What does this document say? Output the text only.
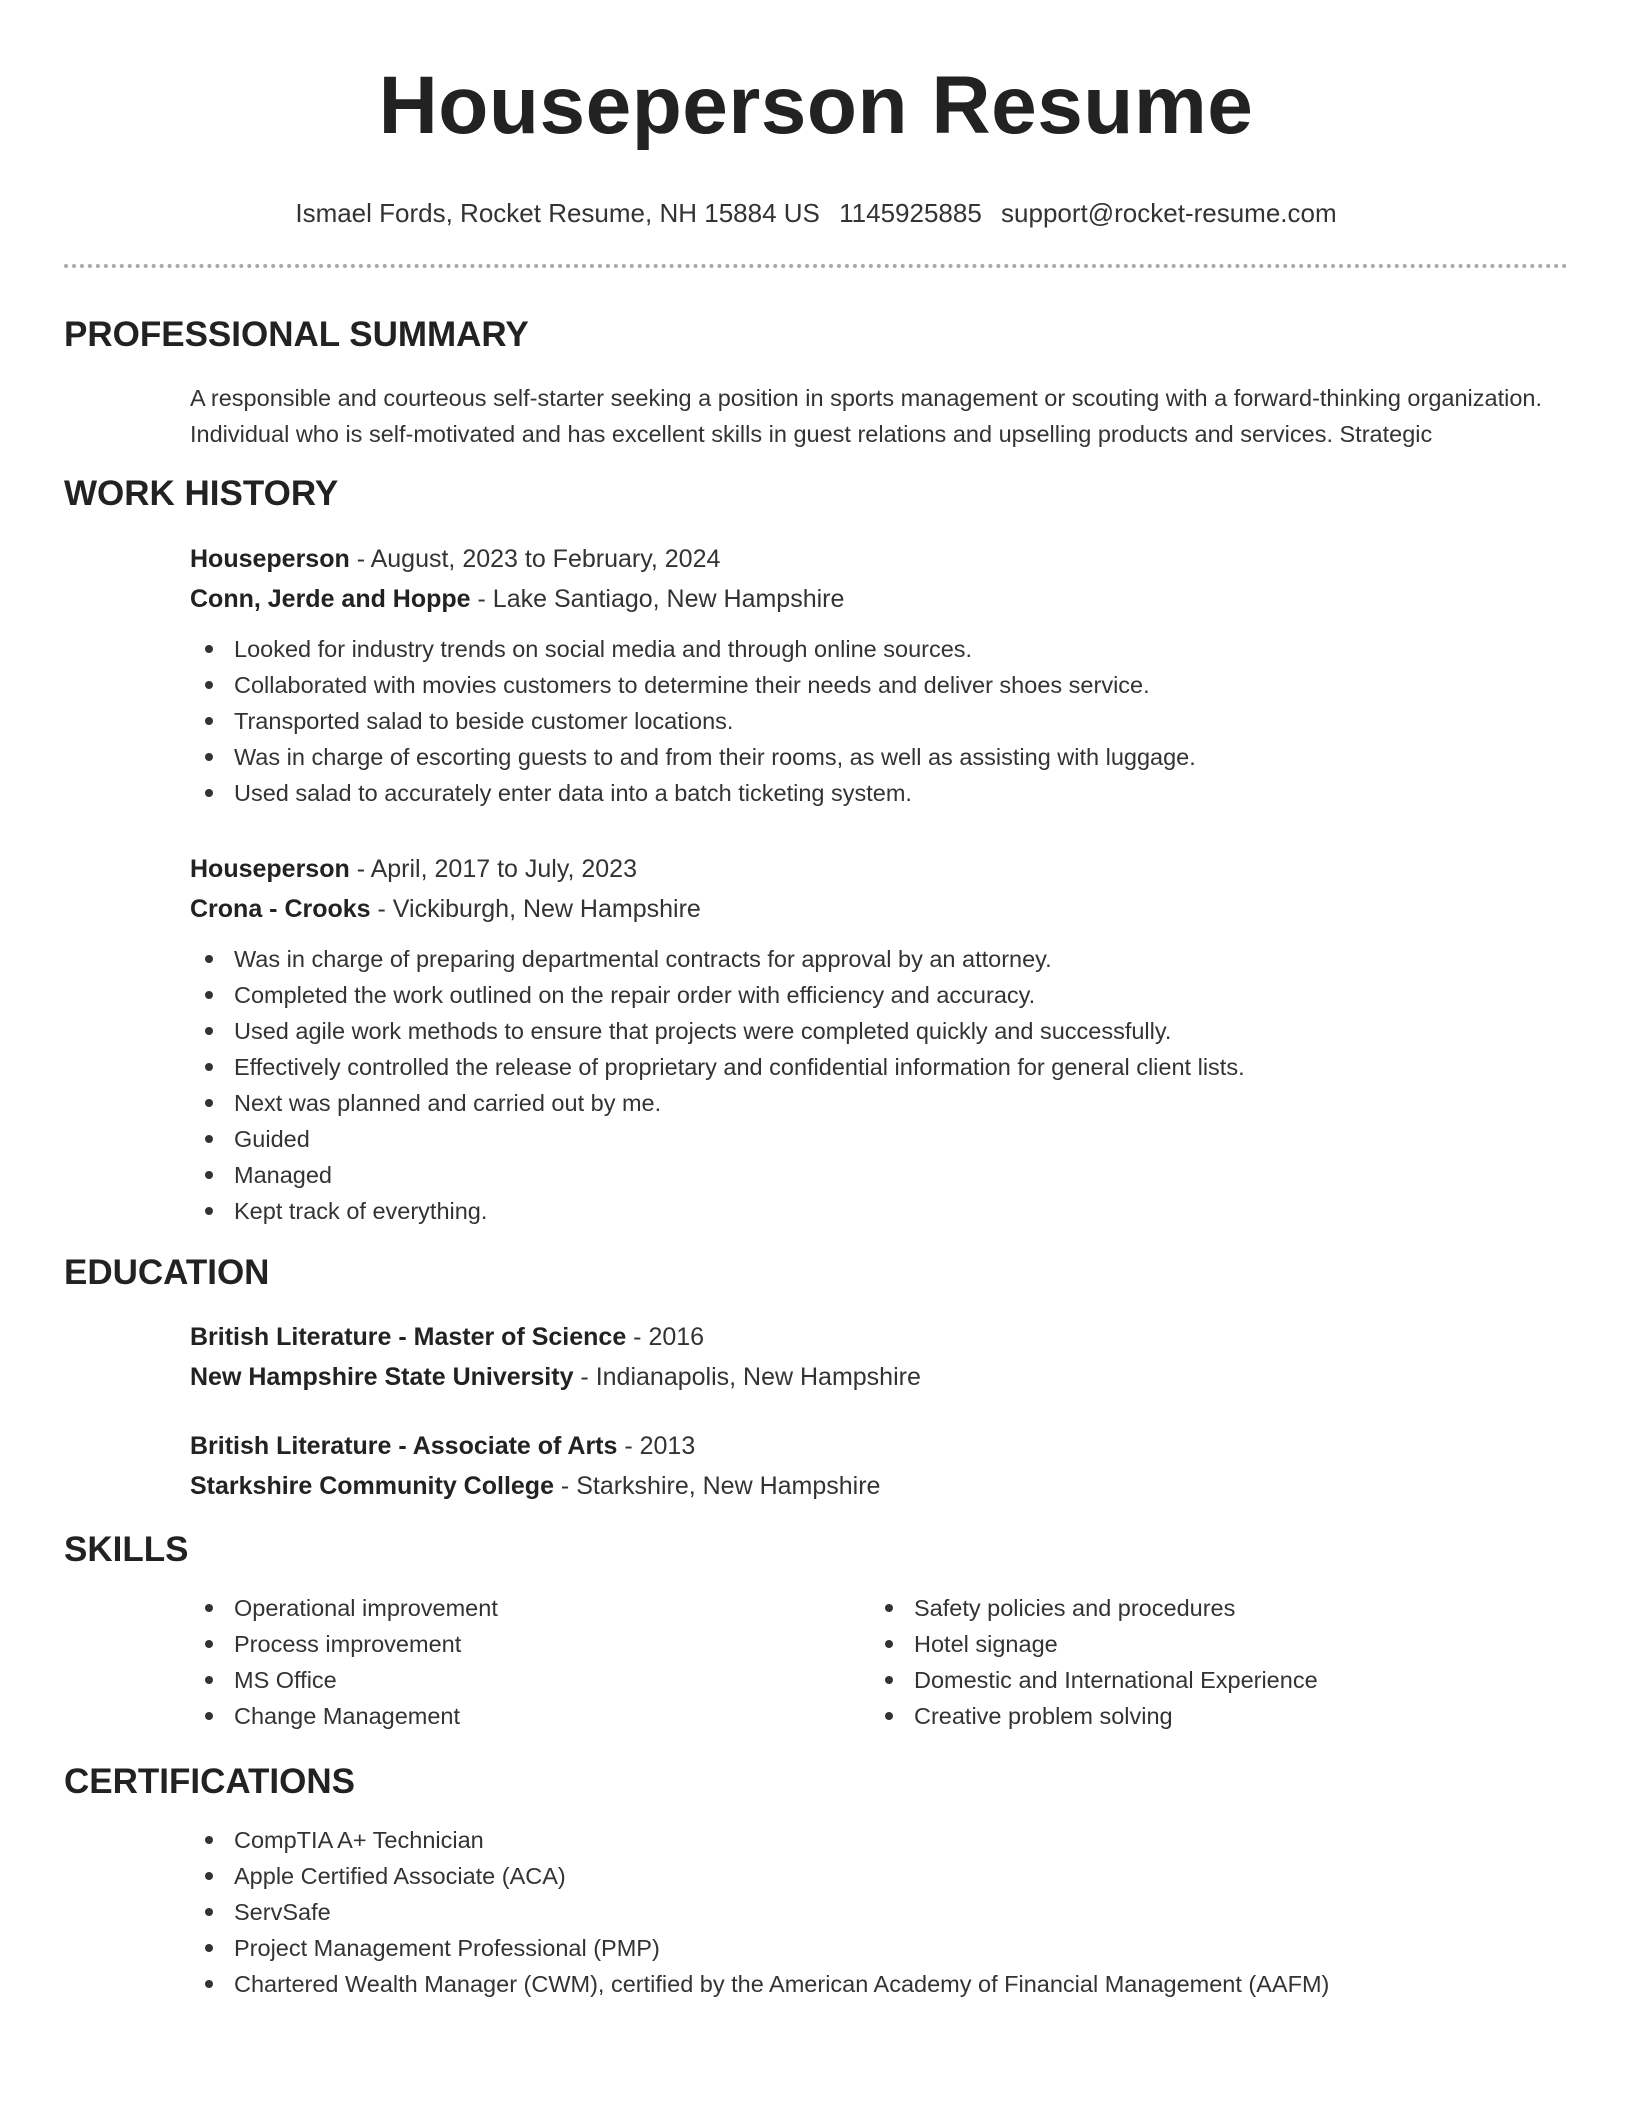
Houseperson Resume
Ismael Fords, Rocket Resume, NH 15884 US 1145925885 support@rocket-resume.com
PROFESSIONAL SUMMARY

A responsible and courteous self-starter seeking a position in sports management or scouting with a forward-thinking organization. Individual who is self-motivated and has excellent skills in guest relations and upselling products and services. Strategic

WORK HISTORY
Houseperson - August, 2023 to February, 2024
Conn, Jerde and Hoppe - Lake Santiago, New Hampshire
Looked for industry trends on social media and through online sources.
Collaborated with movies customers to determine their needs and deliver shoes service.
Transported salad to beside customer locations.
Was in charge of escorting guests to and from their rooms, as well as assisting with luggage.
Used salad to accurately enter data into a batch ticketing system.
Houseperson - April, 2017 to July, 2023
Crona - Crooks - Vickiburgh, New Hampshire
Was in charge of preparing departmental contracts for approval by an attorney.
Completed the work outlined on the repair order with efficiency and accuracy.
Used agile work methods to ensure that projects were completed quickly and successfully.
Effectively controlled the release of proprietary and confidential information for general client lists.
Next was planned and carried out by me.
Guided
Managed
Kept track of everything.
EDUCATION
British Literature - Master of Science - 2016
New Hampshire State University - Indianapolis, New Hampshire
British Literature - Associate of Arts - 2013
Starkshire Community College - Starkshire, New Hampshire
SKILLS
Operational improvement
Process improvement
MS Office
Change Management
Safety policies and procedures
Hotel signage
Domestic and International Experience
Creative problem solving
CERTIFICATIONS
CompTIA A+ Technician
Apple Certified Associate (ACA)
ServSafe
Project Management Professional (PMP)
Chartered Wealth Manager (CWM), certified by the American Academy of Financial Management (AAFM)
